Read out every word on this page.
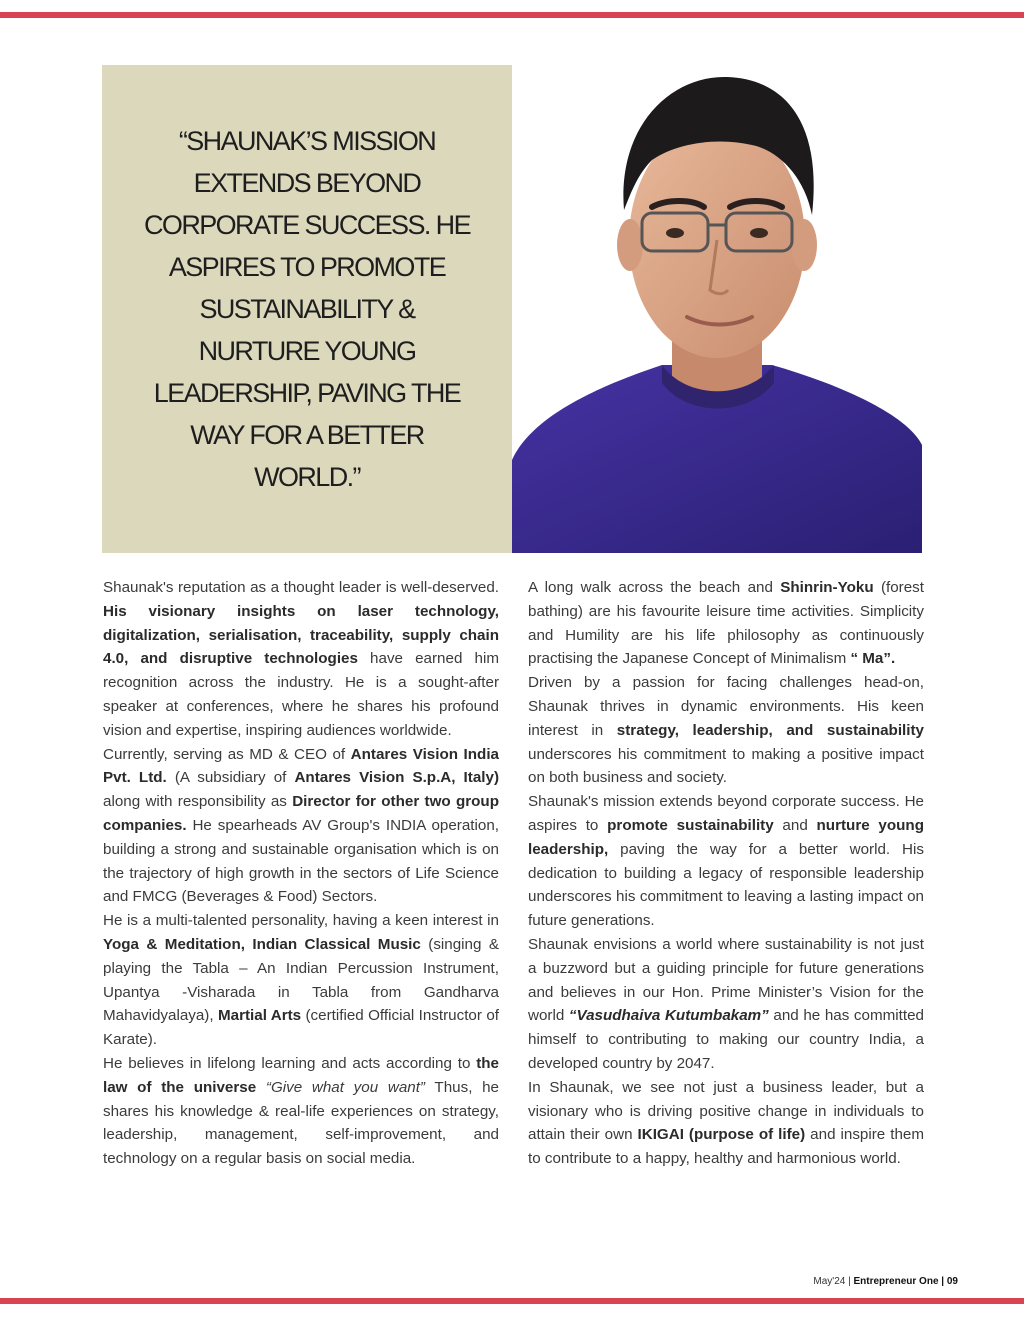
“SHAUNAK’S MISSION EXTENDS BEYOND CORPORATE SUCCESS. HE ASPIRES TO PROMOTE SUSTAINABILITY & NURTURE YOUNG LEADERSHIP, PAVING THE WAY FOR A BETTER WORLD.”

Shaunak's reputation as a thought leader is well-deserved. His visionary insights on laser technology, digitalization, serialisation, traceability, supply chain 4.0, and disruptive technologies have earned him recognition across the industry. He is a sought-after speaker at conferences, where he shares his profound vision and expertise, inspiring audiences worldwide.

Currently, serving as MD & CEO of Antares Vision India Pvt. Ltd. (A subsidiary of Antares Vision S.p.A, Italy) along with responsibility as Director for other two group companies. He spearheads AV Group's INDIA operation, building a strong and sustainable organisation which is on the trajectory of high growth in the sectors of Life Science and FMCG (Beverages & Food) Sectors.

He is a multi-talented personality, having a keen interest in Yoga & Meditation, Indian Classical Music (singing & playing the Tabla – An Indian Percussion Instrument, Upantya -Visharada in Tabla from Gandharva Mahavidyalaya), Martial Arts (certified Official Instructor of Karate).

He believes in lifelong learning and acts according to the law of the universe “Give what you want” Thus, he shares his knowledge & real-life experiences on strategy, leadership, management, self-improvement, and technology on a regular basis on social media.

A long walk across the beach and Shinrin-Yoku (forest bathing) are his favourite leisure time activities. Simplicity and Humility are his life philosophy as continuously practising the Japanese Concept of Minimalism “ Ma”.

Driven by a passion for facing challenges head-on, Shaunak thrives in dynamic environments. His keen interest in strategy, leadership, and sustainability underscores his commitment to making a positive impact on both business and society.

Shaunak's mission extends beyond corporate success. He aspires to promote sustainability and nurture young leadership, paving the way for a better world. His dedication to building a legacy of responsible leadership underscores his commitment to leaving a lasting impact on future generations.

Shaunak envisions a world where sustainability is not just a buzzword but a guiding principle for future generations and believes in our Hon. Prime Minister’s Vision for the world “Vasudhaiva Kutumbakam” and he has committed himself to contributing to making our country India, a developed country by 2047.

In Shaunak, we see not just a business leader, but a visionary who is driving positive change in individuals to attain their own IKIGAI (purpose of life) and inspire them to contribute to a happy, healthy and harmonious world.

May'24 | Entrepreneur One | 09
